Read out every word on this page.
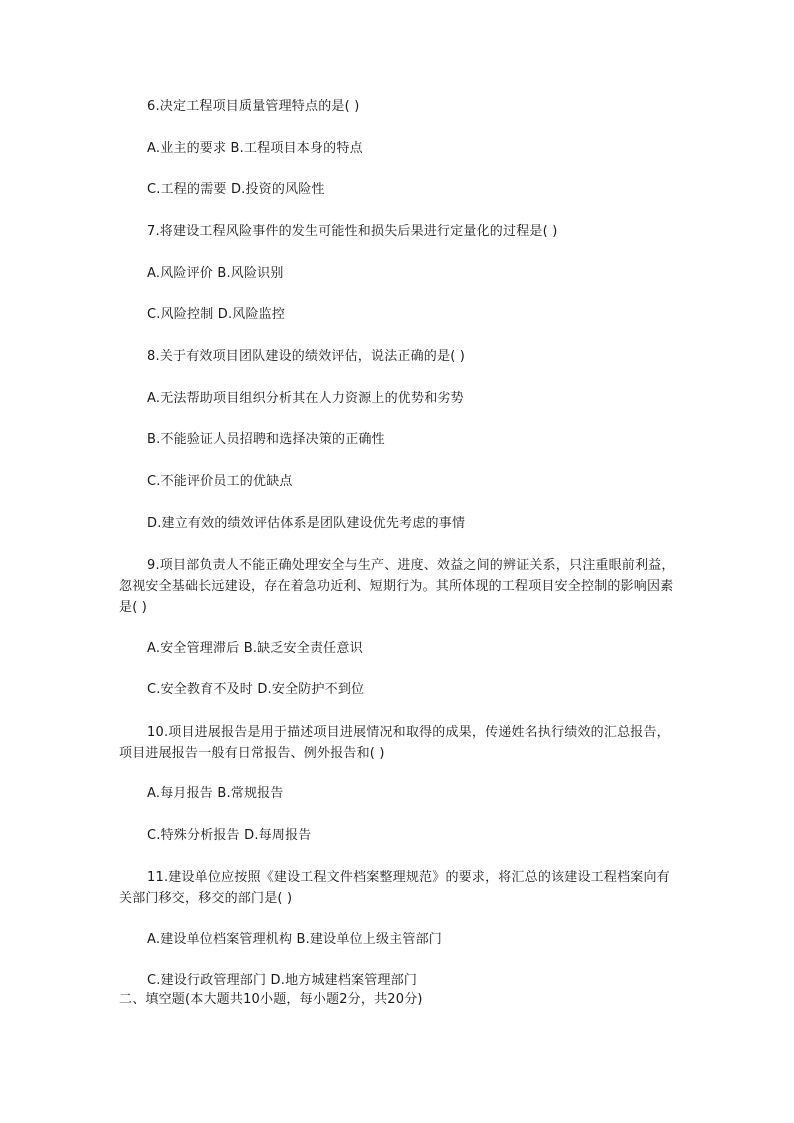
6.决定工程项目质量管理特点的是( )
A.业主的要求 B.工程项目本身的特点
C.工程的需要 D.投资的风险性
7.将建设工程风险事件的发生可能性和损失后果进行定量化的过程是( )
A.风险评价 B.风险识别
C.风险控制 D.风险监控
8.关于有效项目团队建设的绩效评估，说法正确的是( )
A.无法帮助项目组织分析其在人力资源上的优势和劣势
B.不能验证人员招聘和选择决策的正确性
C.不能评价员工的优缺点
D.建立有效的绩效评估体系是团队建设优先考虑的事情
9.项目部负责人不能正确处理安全与生产、进度、效益之间的辨证关系，只注重眼前利益，忽视安全基础长远建设，存在着急功近利、短期行为。其所体现的工程项目安全控制的影响因素是( )
A.安全管理滞后 B.缺乏安全责任意识
C.安全教育不及时 D.安全防护不到位
10.项目进展报告是用于描述项目进展情况和取得的成果，传递姓名执行绩效的汇总报告，项目进展报告一般有日常报告、例外报告和( )
A.每月报告 B.常规报告
C.特殊分析报告 D.每周报告
11.建设单位应按照《建设工程文件档案整理规范》的要求，将汇总的该建设工程档案向有关部门移交，移交的部门是( )
A.建设单位档案管理机构 B.建设单位上级主管部门
C.建设行政管理部门 D.地方城建档案管理部门
二、填空题(本大题共10小题，每小题2分，共20分)
